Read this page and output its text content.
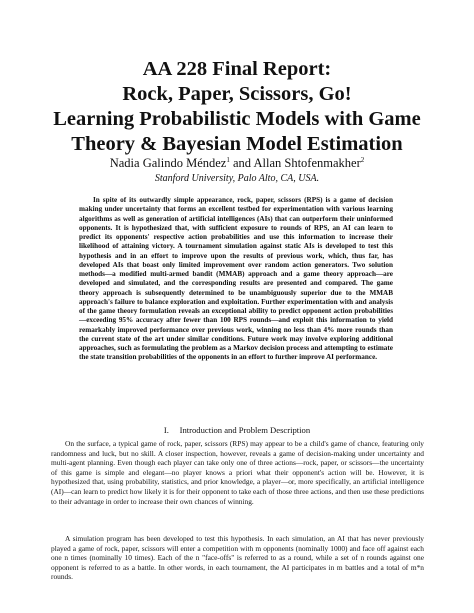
AA 228 Final Report:
Rock, Paper, Scissors, Go!
Learning Probabilistic Models with Game
Theory & Bayesian Model Estimation
Nadia Galindo Méndez$^1$ and Allan Shtofenmakher$^2$
Stanford University, Palo Alto, CA, USA.

In spite of its outwardly simple appearance, rock, paper, scissors (RPS) is a game of decision making under uncertainty that forms an excellent testbed for experimentation with various learning algorithms as well as generation of artificial intelligences (AIs) that can outperform their uninformed opponents. It is hypothesized that, with sufficient exposure to rounds of RPS, an AI can learn to predict its opponents' respective action probabilities and use this information to increase their likelihood of attaining victory. A tournament simulation against static AIs is developed to test this hypothesis and in an effort to improve upon the results of previous work, which, thus far, has developed AIs that boast only limited improvement over random action generators. Two solution methods—a modified multi-armed bandit (MMAB) approach and a game theory approach—are developed and simulated, and the corresponding results are presented and compared. The game theory approach is subsequently determined to be unambiguously superior due to the MMAB approach's failure to balance exploration and exploitation. Further experimentation with and analysis of the game theory formulation reveals an exceptional ability to predict opponent action probabilities—exceeding 95% accuracy after fewer than 100 RPS rounds—and exploit this information to yield remarkably improved performance over previous work, winning no less than 4% more rounds than the current state of the art under similar conditions. Future work may involve exploring additional approaches, such as formulating the problem as a Markov decision process and attempting to estimate the state transition probabilities of the opponents in an effort to further improve AI performance.

I.     Introduction and Problem Description

On the surface, a typical game of rock, paper, scissors (RPS) may appear to be a child's game of chance, featuring only randomness and luck, but no skill. A closer inspection, however, reveals a game of decision-making under uncertainty and multi-agent planning. Even though each player can take only one of three actions—rock, paper, or scissors—the uncertainty of this game is simple and elegant—no player knows a priori what their opponent's action will be. However, it is hypothesized that, using probability, statistics, and prior knowledge, a player—or, more specifically, an artificial intelligence (AI)—can learn to predict how likely it is for their opponent to take each of those three actions, and then use these predictions to their advantage in order to increase their own chances of winning.

A simulation program has been developed to test this hypothesis. In each simulation, an AI that has never previously played a game of rock, paper, scissors will enter a competition with m opponents (nominally 1000) and face off against each one n times (nominally 10 times). Each of the n "face-offs" is referred to as a round, while a set of n rounds against one opponent is referred to as a battle. In other words, in each tournament, the AI participates in m battles and a total of m*n rounds.
